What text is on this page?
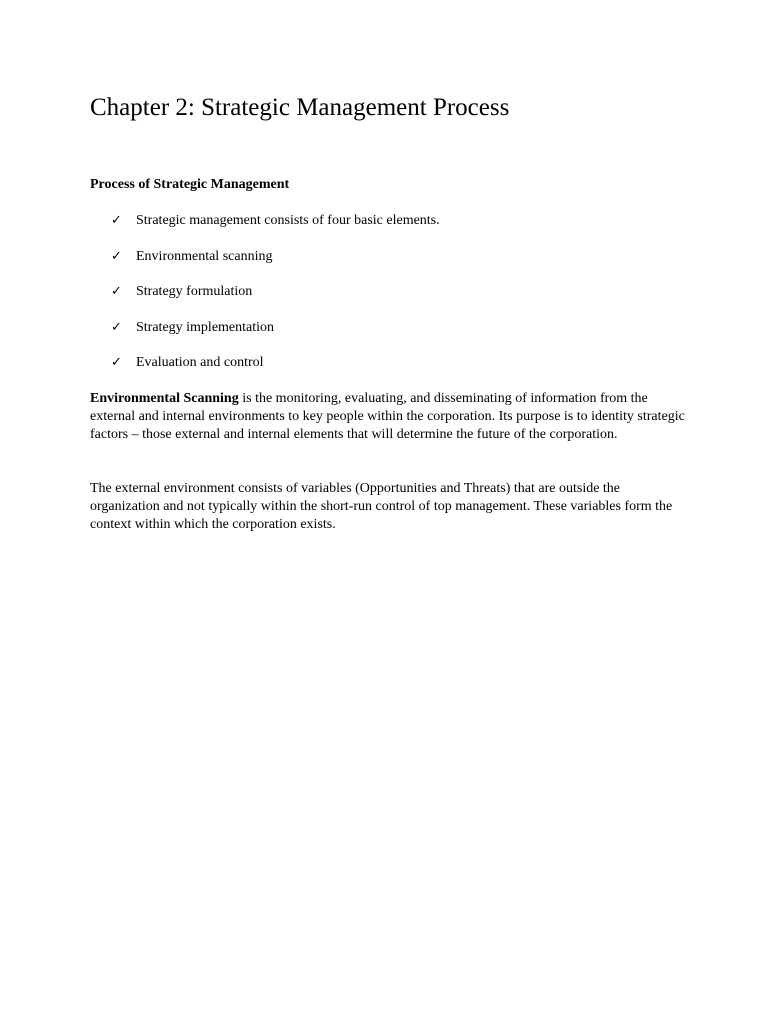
Chapter 2: Strategic Management Process
Process of Strategic Management
✓	Strategic management consists of four basic elements.
✓	Environmental scanning
✓	Strategy formulation
✓	Strategy implementation
✓	Evaluation and control

Environmental Scanning is the monitoring, evaluating, and disseminating of information from the external and internal environments to key people within the corporation. Its purpose is to identity strategic factors – those external and internal elements that will determine the future of the corporation.

The external environment consists of variables (Opportunities and Threats) that are outside the organization and not typically within the short-run control of top management. These variables form the context within which the corporation exists.
